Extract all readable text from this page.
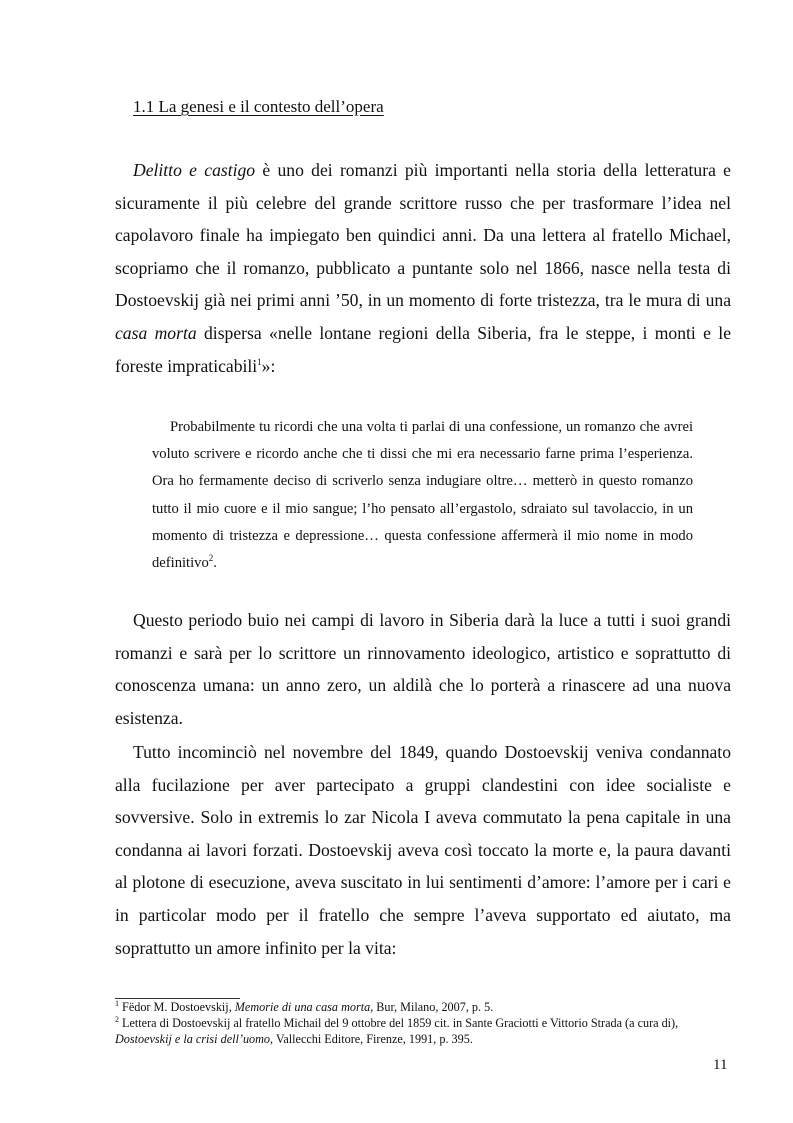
1.1 La genesi e il contesto dell’opera

Delitto e castigo è uno dei romanzi più importanti nella storia della letteratura e sicuramente il più celebre del grande scrittore russo che per trasformare l’idea nel capolavoro finale ha impiegato ben quindici anni. Da una lettera al fratello Michael, scopriamo che il romanzo, pubblicato a puntante solo nel 1866, nasce nella testa di Dostoevskij già nei primi anni ’50, in un momento di forte tristezza, tra le mura di una casa morta dispersa «nelle lontane regioni della Siberia, fra le steppe, i monti e le foreste impraticabili$^1$»:

Probabilmente tu ricordi che una volta ti parlai di una confessione, un romanzo che avrei voluto scrivere e ricordo anche che ti dissi che mi era necessario farne prima l’esperienza. Ora ho fermamente deciso di scriverlo senza indugiare oltre… metterò in questo romanzo tutto il mio cuore e il mio sangue; l’ho pensato all’ergastolo, sdraiato sul tavolaccio, in un momento di tristezza e depressione… questa confessione affermerà il mio nome in modo definitivo$^2$.

Questo periodo buio nei campi di lavoro in Siberia darà la luce a tutti i suoi grandi romanzi e sarà per lo scrittore un rinnovamento ideologico, artistico e soprattutto di conoscenza umana: un anno zero, un aldilà che lo porterà a rinascere ad una nuova esistenza.

Tutto incominciò nel novembre del 1849, quando Dostoevskij veniva condannato alla fucilazione per aver partecipato a gruppi clandestini con idee socialiste e sovversive. Solo in extremis lo zar Nicola I aveva commutato la pena capitale in una condanna ai lavori forzati. Dostoevskij aveva così toccato la morte e, la paura davanti al plotone di esecuzione, aveva suscitato in lui sentimenti d’amore: l’amore per i cari e in particolar modo per il fratello che sempre l’aveva supportato ed aiutato, ma soprattutto un amore infinito per la vita:

$^1$ Fëdor M. Dostoevskij, Memorie di una casa morta, Bur, Milano, 2007, p. 5.

$^2$ Lettera di Dostoevskij al fratello Michail del 9 ottobre del 1859 cit. in Sante Graciotti e Vittorio Strada (a cura di), Dostoevskij e la crisi dell’uomo, Vallecchi Editore, Firenze, 1991, p. 395.

11
